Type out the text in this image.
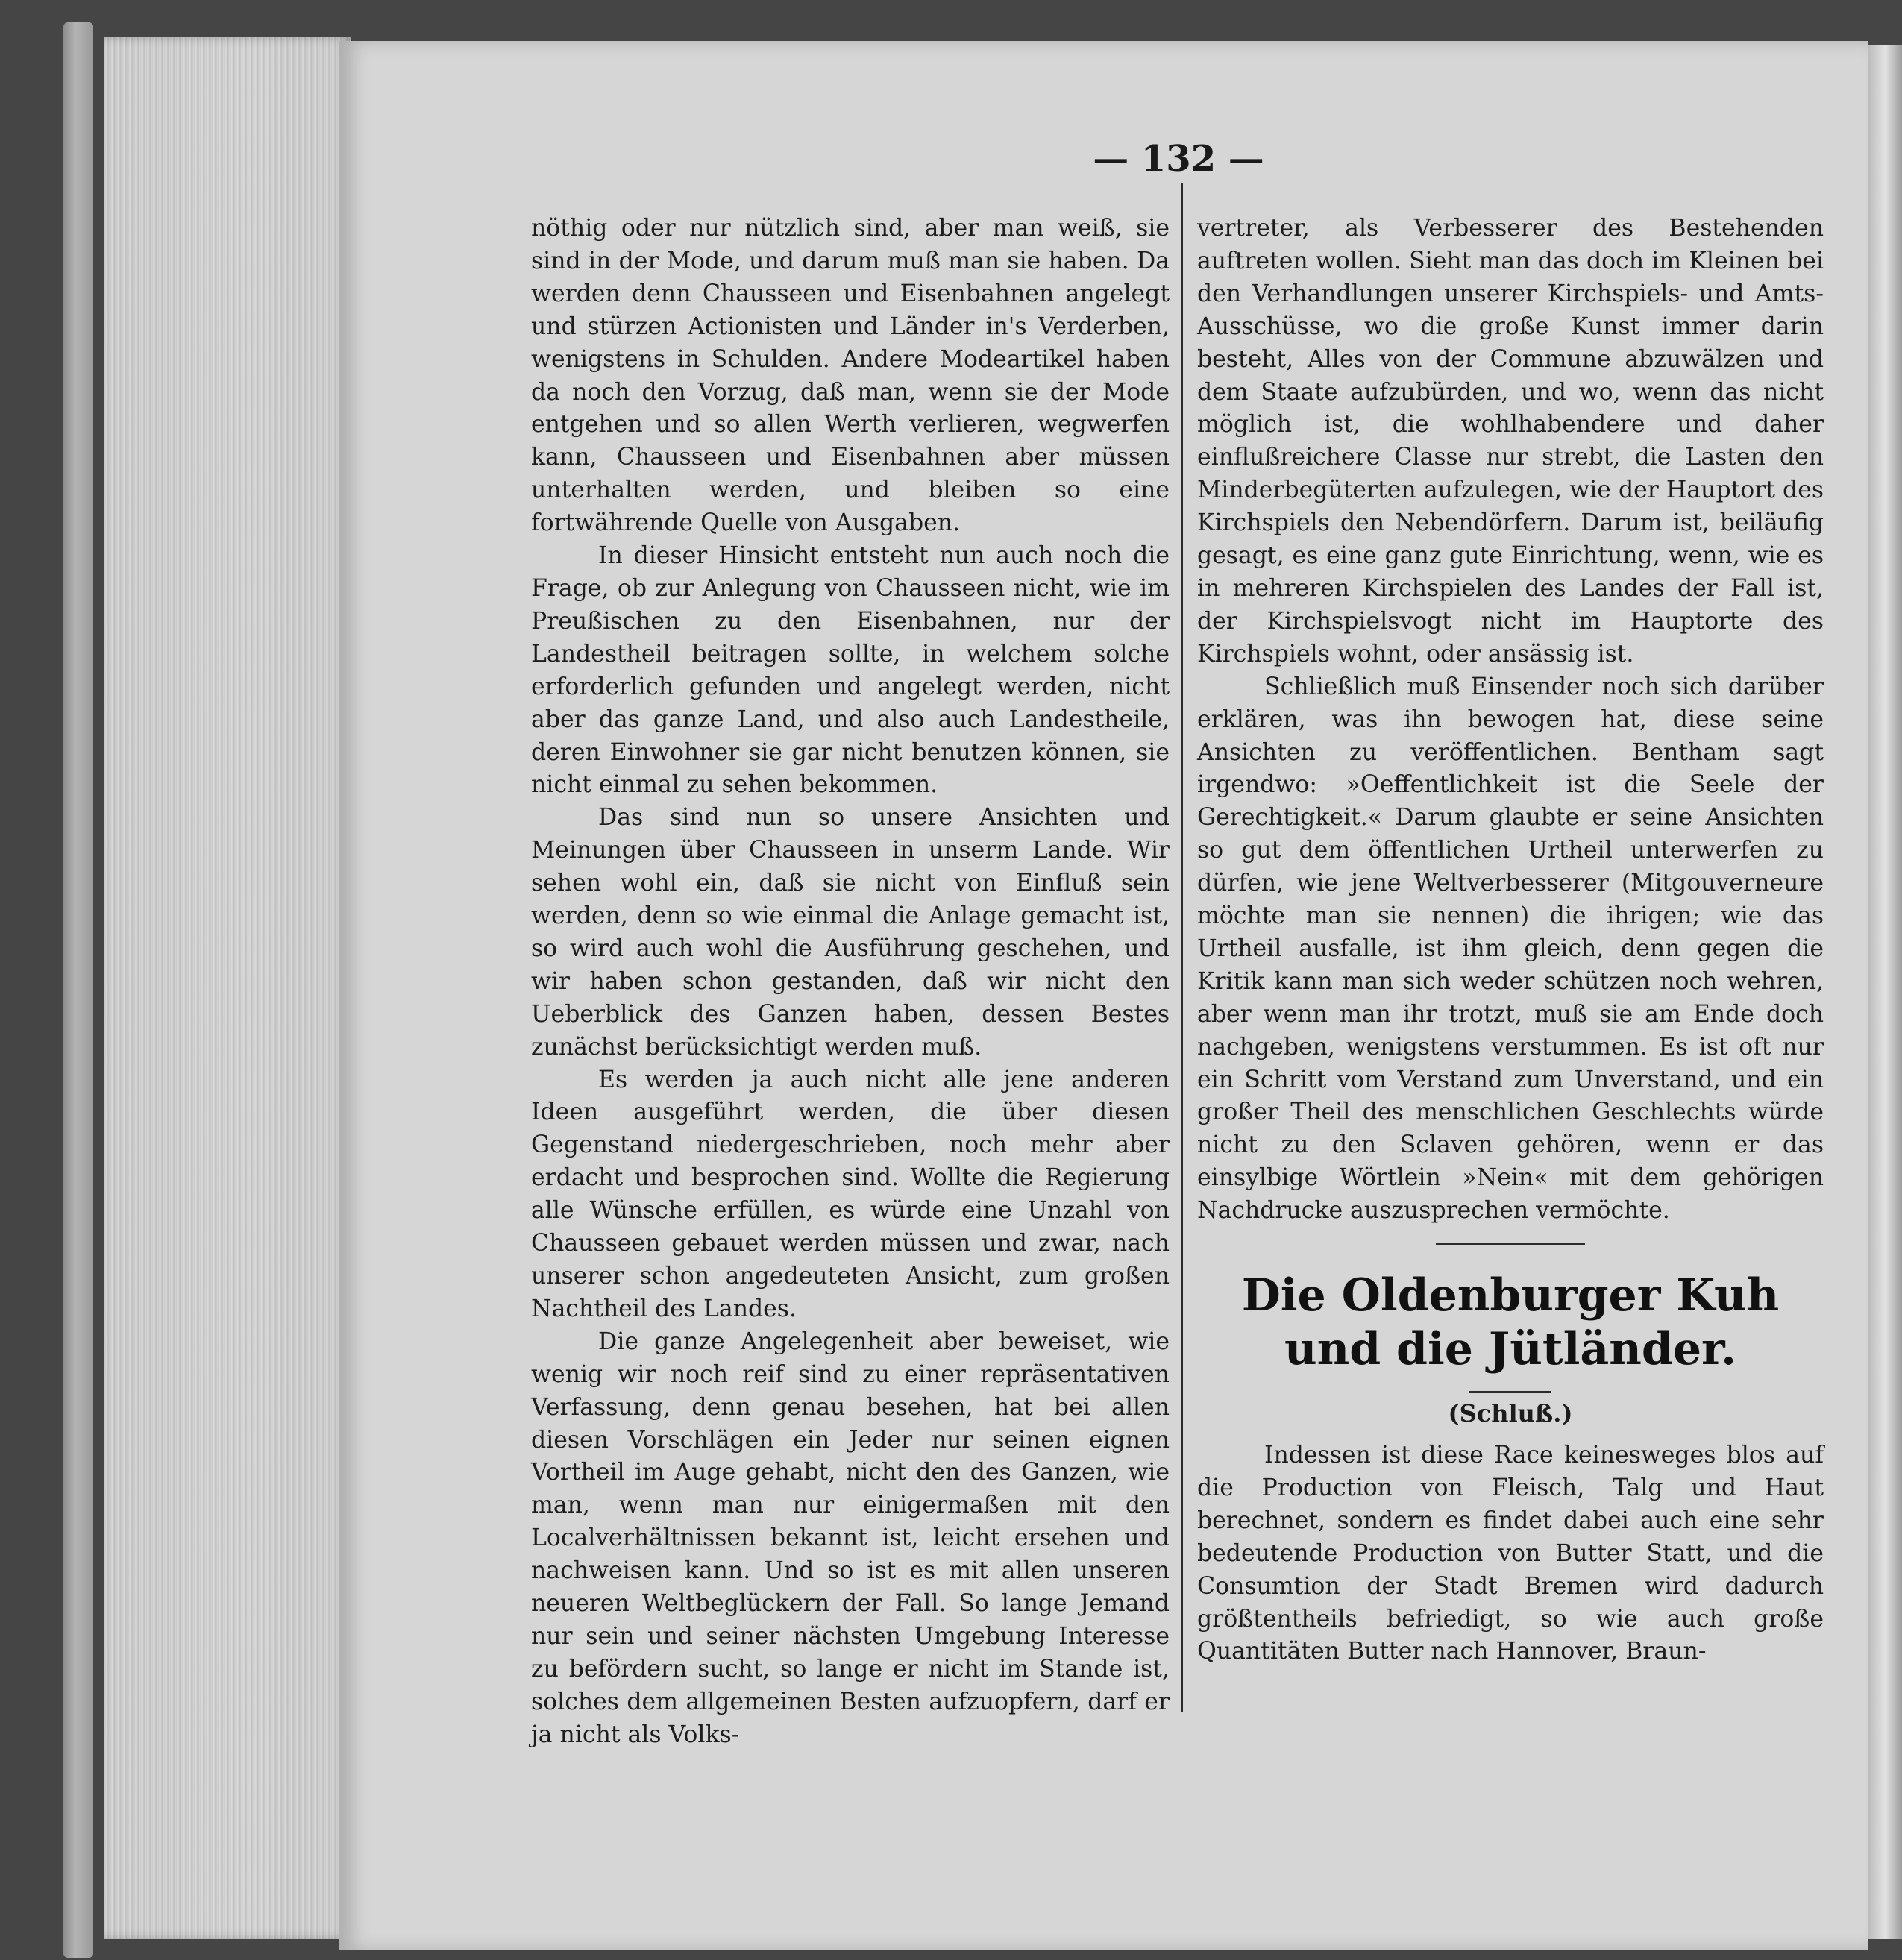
— 132 —

nöthig oder nur nützlich sind, aber man weiß, sie sind in der Mode, und darum muß man sie haben. Da werden denn Chausseen und Eisenbahnen angelegt und stürzen Actionisten und Länder in's Verderben, wenigstens in Schulden. Andere Modeartikel haben da noch den Vorzug, daß man, wenn sie der Mode entgehen und so allen Werth verlieren, wegwerfen kann, Chausseen und Eisenbahnen aber müssen unterhalten werden, und bleiben so eine fortwährende Quelle von Ausgaben.

In dieser Hinsicht entsteht nun auch noch die Frage, ob zur Anlegung von Chausseen nicht, wie im Preußischen zu den Eisenbahnen, nur der Landestheil beitragen sollte, in welchem solche erforderlich gefunden und angelegt werden, nicht aber das ganze Land, und also auch Landestheile, deren Einwohner sie gar nicht benutzen können, sie nicht einmal zu sehen bekommen.

Das sind nun so unsere Ansichten und Meinungen über Chausseen in unserm Lande. Wir sehen wohl ein, daß sie nicht von Einfluß sein werden, denn so wie einmal die Anlage gemacht ist, so wird auch wohl die Ausführung geschehen, und wir haben schon gestanden, daß wir nicht den Ueberblick des Ganzen haben, dessen Bestes zunächst berücksichtigt werden muß.

Es werden ja auch nicht alle jene anderen Ideen ausgeführt werden, die über diesen Gegenstand niedergeschrieben, noch mehr aber erdacht und besprochen sind. Wollte die Regierung alle Wünsche erfüllen, es würde eine Unzahl von Chausseen gebauet werden müssen und zwar, nach unserer schon angedeuteten Ansicht, zum großen Nachtheil des Landes.

Die ganze Angelegenheit aber beweiset, wie wenig wir noch reif sind zu einer repräsentativen Verfassung, denn genau besehen, hat bei allen diesen Vorschlägen ein Jeder nur seinen eignen Vortheil im Auge gehabt, nicht den des Ganzen, wie man, wenn man nur einigermaßen mit den Localverhältnissen bekannt ist, leicht ersehen und nachweisen kann. Und so ist es mit allen unseren neueren Weltbeglückern der Fall. So lange Jemand nur sein und seiner nächsten Umgebung Interesse zu befördern sucht, so lange er nicht im Stande ist, solches dem allgemeinen Besten aufzuopfern, darf er ja nicht als Volks-

vertreter, als Verbesserer des Bestehenden auftreten wollen. Sieht man das doch im Kleinen bei den Verhandlungen unserer Kirchspiels- und Amts-Ausschüsse, wo die große Kunst immer darin besteht, Alles von der Commune abzuwälzen und dem Staate aufzubürden, und wo, wenn das nicht möglich ist, die wohlhabendere und daher einflußreichere Classe nur strebt, die Lasten den Minderbegüterten aufzulegen, wie der Hauptort des Kirchspiels den Nebendörfern. Darum ist, beiläufig gesagt, es eine ganz gute Einrichtung, wenn, wie es in mehreren Kirchspielen des Landes der Fall ist, der Kirchspielsvogt nicht im Hauptorte des Kirchspiels wohnt, oder ansässig ist.

Schließlich muß Einsender noch sich darüber erklären, was ihn bewogen hat, diese seine Ansichten zu veröffentlichen. Bentham sagt irgendwo: »Oeffentlichkeit ist die Seele der Gerechtigkeit.« Darum glaubte er seine Ansichten so gut dem öffentlichen Urtheil unterwerfen zu dürfen, wie jene Weltverbesserer (Mitgouverneure möchte man sie nennen) die ihrigen; wie das Urtheil ausfalle, ist ihm gleich, denn gegen die Kritik kann man sich weder schützen noch wehren, aber wenn man ihr trotzt, muß sie am Ende doch nachgeben, wenigstens verstummen. Es ist oft nur ein Schritt vom Verstand zum Unverstand, und ein großer Theil des menschlichen Geschlechts würde nicht zu den Sclaven gehören, wenn er das einsylbige Wörtlein »Nein« mit dem gehörigen Nachdrucke auszusprechen vermöchte.

Die Oldenburger Kuh und die Jütländer.
(Schluß.)

Indessen ist diese Race keinesweges blos auf die Production von Fleisch, Talg und Haut berechnet, sondern es findet dabei auch eine sehr bedeutende Production von Butter Statt, und die Consumtion der Stadt Bremen wird dadurch größtentheils befriedigt, so wie auch große Quantitäten Butter nach Hannover, Braun-
